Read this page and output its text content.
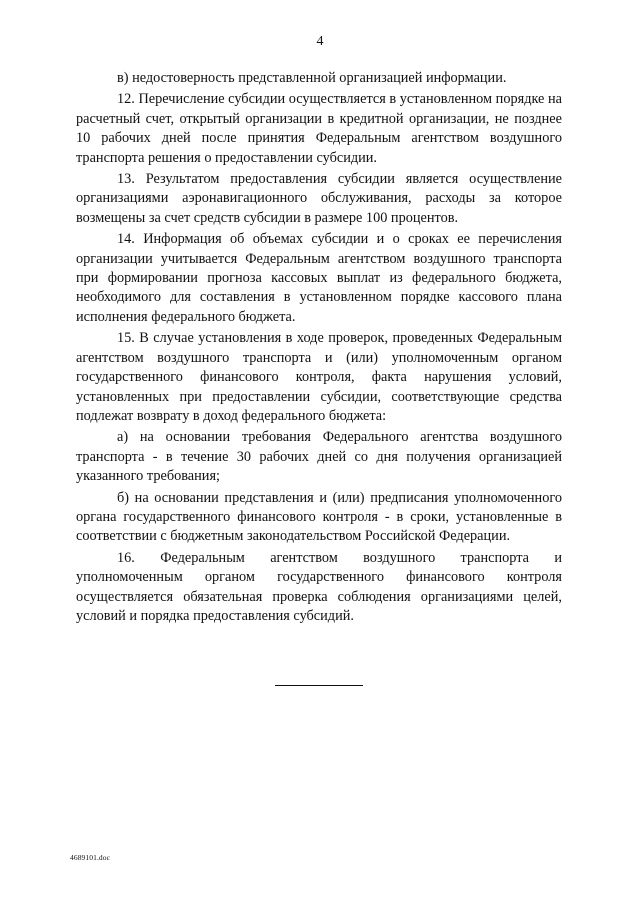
4

в) недостоверность представленной организацией информации.

12. Перечисление субсидии осуществляется в установленном порядке на расчетный счет, открытый организации в кредитной организации, не позднее 10 рабочих дней после принятия Федеральным агентством воздушного транспорта решения о предоставлении субсидии.

13. Результатом предоставления субсидии является осуществление организациями аэронавигационного обслуживания, расходы за которое возмещены за счет средств субсидии в размере 100 процентов.

14. Информация об объемах субсидии и о сроках ее перечисления организации учитывается Федеральным агентством воздушного транспорта при формировании прогноза кассовых выплат из федерального бюджета, необходимого для составления в установленном порядке кассового плана исполнения федерального бюджета.

15. В случае установления в ходе проверок, проведенных Федеральным агентством воздушного транспорта и (или) уполномоченным органом государственного финансового контроля, факта нарушения условий, установленных при предоставлении субсидии, соответствующие средства подлежат возврату в доход федерального бюджета:

а) на основании требования Федерального агентства воздушного транспорта - в течение 30 рабочих дней со дня получения организацией указанного требования;

б) на основании представления и (или) предписания уполномоченного органа государственного финансового контроля - в сроки, установленные в соответствии с бюджетным законодательством Российской Федерации.

16. Федеральным агентством воздушного транспорта и уполномоченным органом государственного финансового контроля осуществляется обязательная проверка соблюдения организациями целей, условий и порядка предоставления субсидий.

4689101.doc
